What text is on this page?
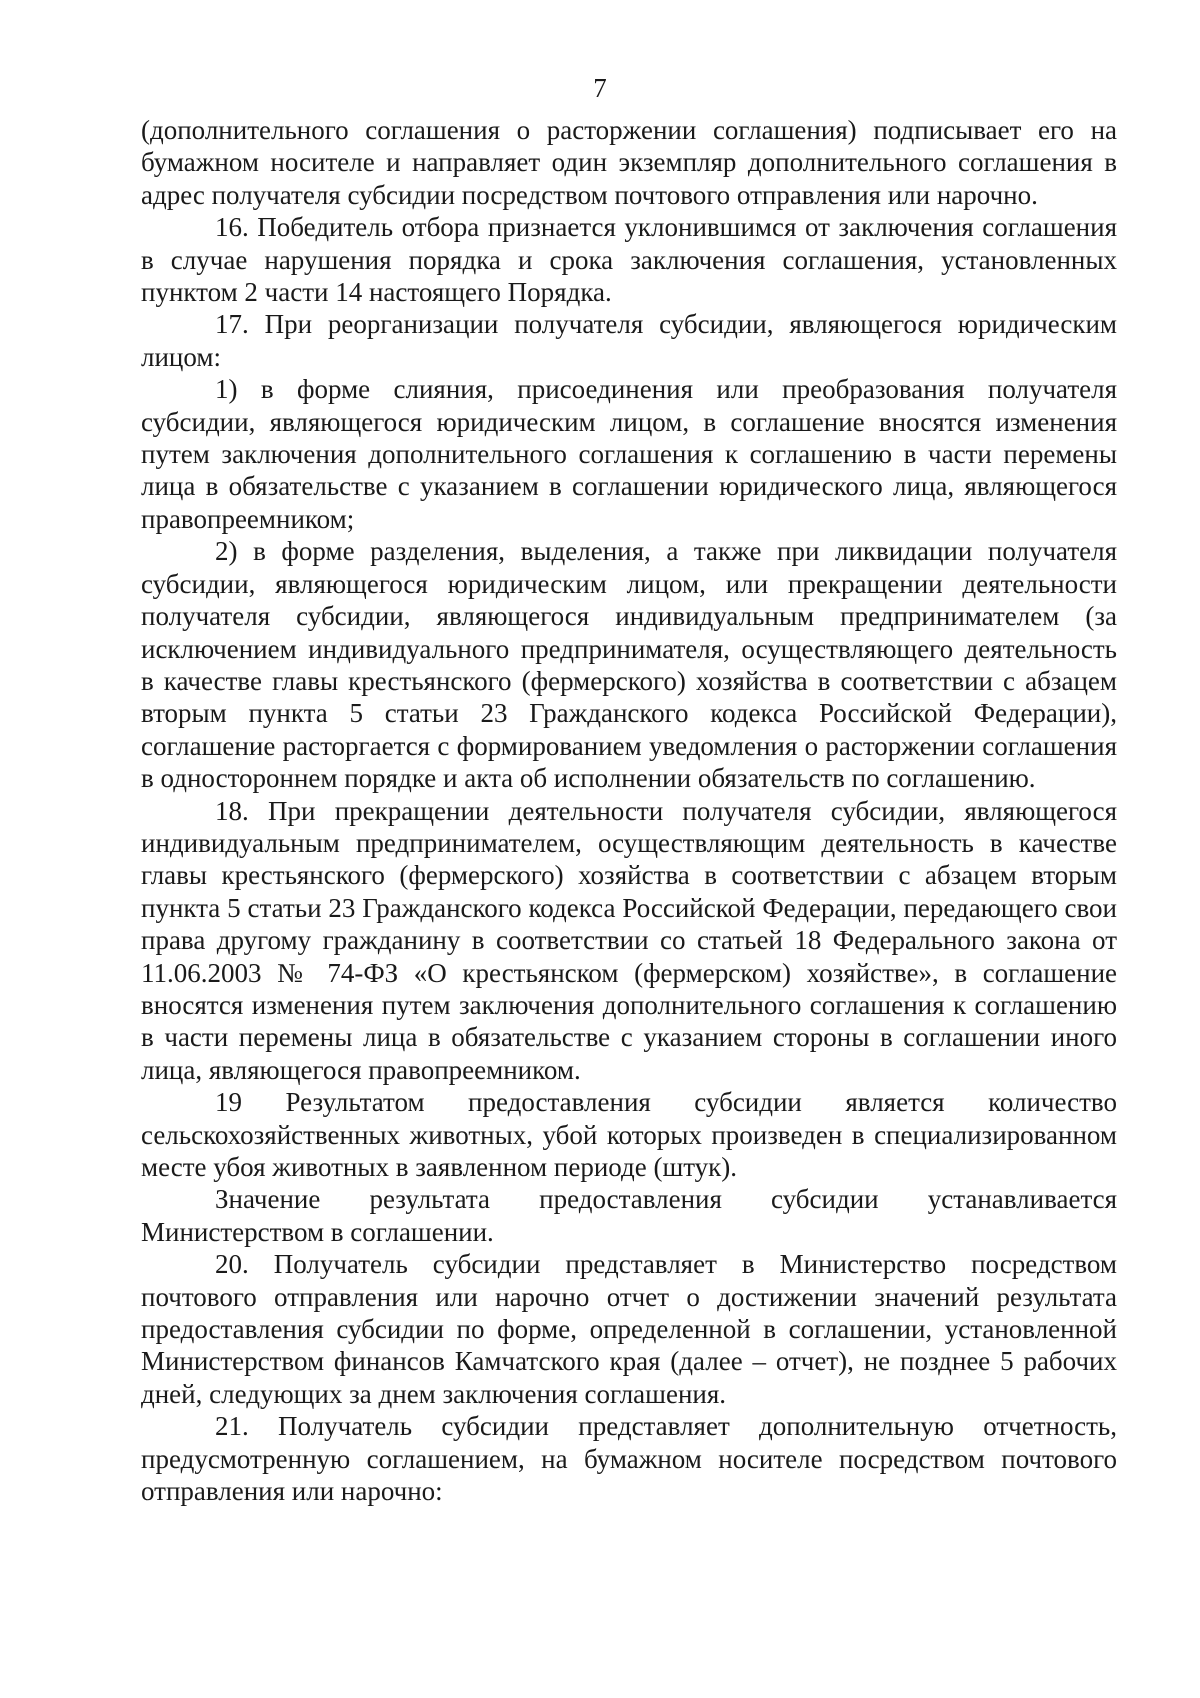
7

(дополнительного соглашения о расторжении соглашения) подписывает его на бумажном носителе и направляет один экземпляр дополнительного соглашения в адрес получателя субсидии посредством почтового отправления или нарочно.

16. Победитель отбора признается уклонившимся от заключения соглашения в случае нарушения порядка и срока заключения соглашения, установленных пунктом 2 части 14 настоящего Порядка.

17. При реорганизации получателя субсидии, являющегося юридическим лицом:

1) в форме слияния, присоединения или преобразования получателя субсидии, являющегося юридическим лицом, в соглашение вносятся изменения путем заключения дополнительного соглашения к соглашению в части перемены лица в обязательстве с указанием в соглашении юридического лица, являющегося правопреемником;

2) в форме разделения, выделения, а также при ликвидации получателя субсидии, являющегося юридическим лицом, или прекращении деятельности получателя субсидии, являющегося индивидуальным предпринимателем (за исключением индивидуального предпринимателя, осуществляющего деятельность в качестве главы крестьянского (фермерского) хозяйства в соответствии с абзацем вторым пункта 5 статьи 23 Гражданского кодекса Российской Федерации), соглашение расторгается с формированием уведомления о расторжении соглашения в одностороннем порядке и акта об исполнении обязательств по соглашению.

18. При прекращении деятельности получателя субсидии, являющегося индивидуальным предпринимателем, осуществляющим деятельность в качестве главы крестьянского (фермерского) хозяйства в соответствии с абзацем вторым пункта 5 статьи 23 Гражданского кодекса Российской Федерации, передающего свои права другому гражданину в соответствии со статьей 18 Федерального закона от 11.06.2003 № 74-ФЗ «О крестьянском (фермерском) хозяйстве», в соглашение вносятся изменения путем заключения дополнительного соглашения к соглашению в части перемены лица в обязательстве с указанием стороны в соглашении иного лица, являющегося правопреемником.

19 Результатом предоставления субсидии является количество сельскохозяйственных животных, убой которых произведен в специализированном месте убоя животных в заявленном периоде (штук).

Значение результата предоставления субсидии устанавливается Министерством в соглашении.

20. Получатель субсидии представляет в Министерство посредством почтового отправления или нарочно отчет о достижении значений результата предоставления субсидии по форме, определенной в соглашении, установленной Министерством финансов Камчатского края (далее – отчет), не позднее 5 рабочих дней, следующих за днем заключения соглашения.

21. Получатель субсидии представляет дополнительную отчетность, предусмотренную соглашением, на бумажном носителе посредством почтового отправления или нарочно:
